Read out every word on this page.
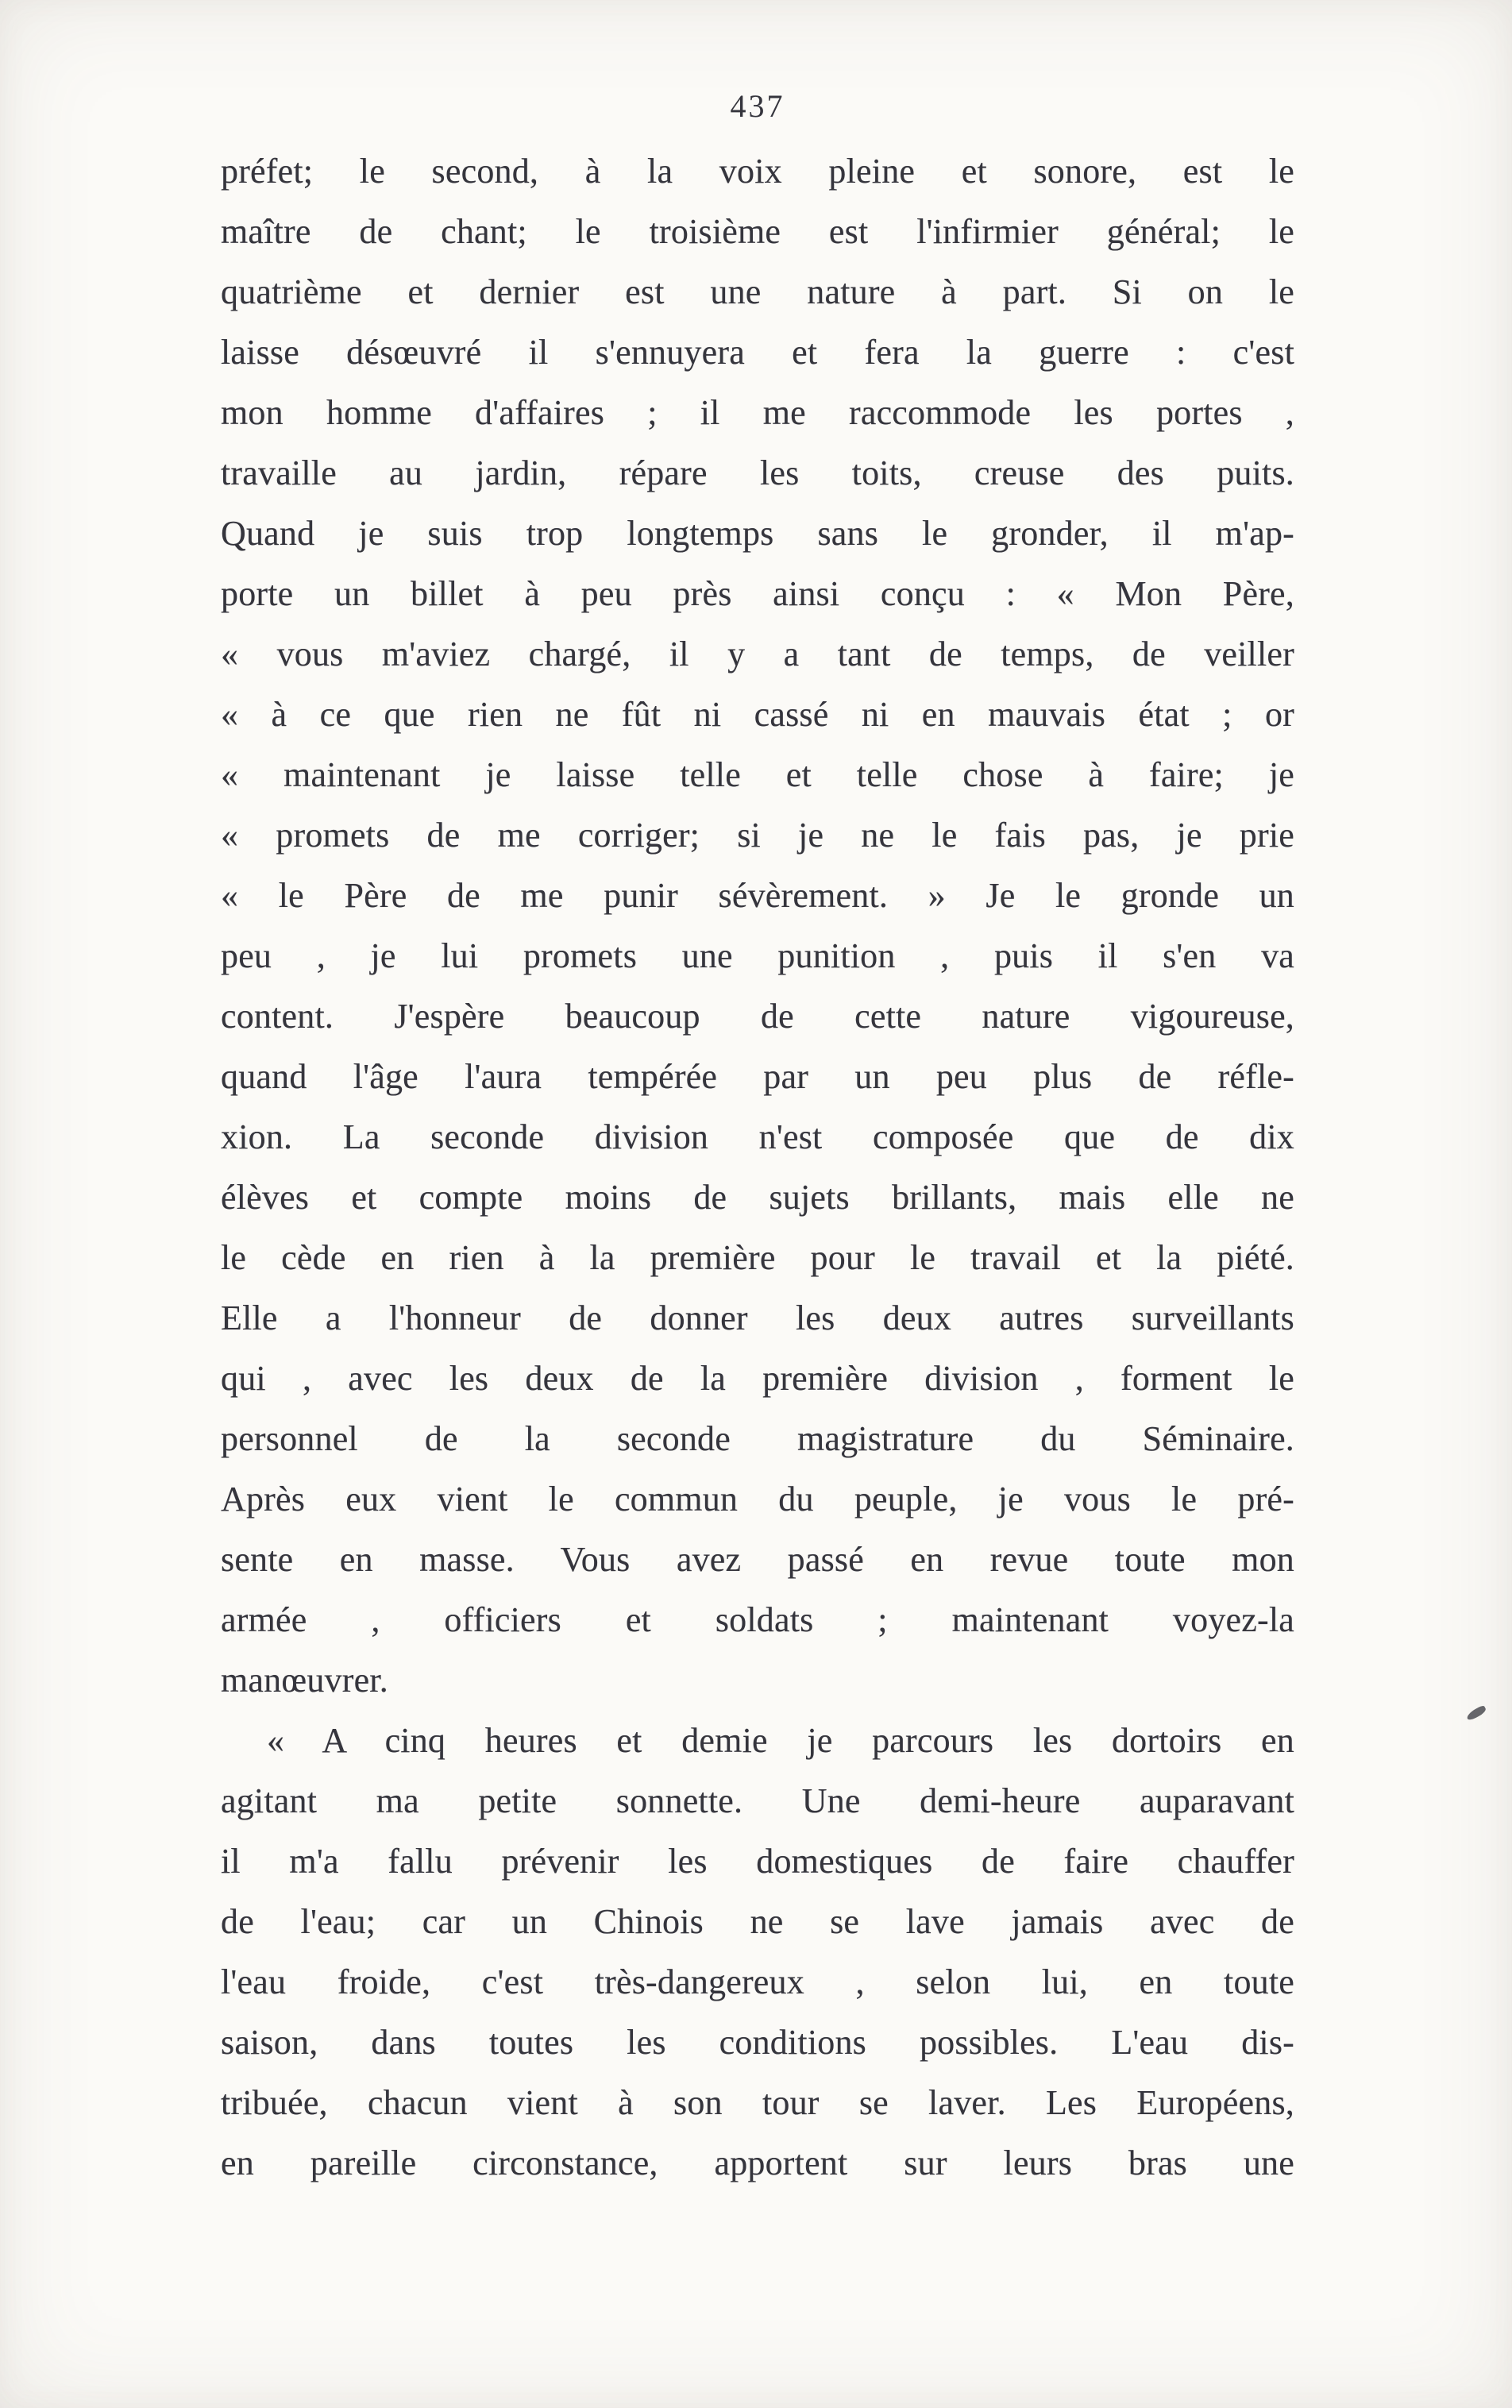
437
préfet; le second, à la voix pleine et sonore, est le
maître de chant; le troisième est l'infirmier général; le
quatrième et dernier est une nature à part. Si on le
laisse désœuvré il s'ennuyera et fera la guerre : c'est
mon homme d'affaires ; il me raccommode les portes ,
travaille au jardin, répare les toits, creuse des puits.
Quand je suis trop longtemps sans le gronder, il m'ap-
porte un billet à peu près ainsi conçu : « Mon Père,
« vous m'aviez chargé, il y a tant de temps, de veiller
« à ce que rien ne fût ni cassé ni en mauvais état ; or
« maintenant je laisse telle et telle chose à faire; je
« promets de me corriger; si je ne le fais pas, je prie
« le Père de me punir sévèrement. » Je le gronde un
peu , je lui promets une punition , puis il s'en va
content. J'espère beaucoup de cette nature vigoureuse,
quand l'âge l'aura tempérée par un peu plus de réfle-
xion. La seconde division n'est composée que de dix
élèves et compte moins de sujets brillants, mais elle ne
le cède en rien à la première pour le travail et la piété.
Elle a l'honneur de donner les deux autres surveillants
qui , avec les deux de la première division , forment le
personnel de la seconde magistrature du Séminaire.
Après eux vient le commun du peuple, je vous le pré-
sente en masse. Vous avez passé en revue toute mon
armée , officiers et soldats ; maintenant voyez-la
manœuvrer.
« A cinq heures et demie je parcours les dortoirs en
agitant ma petite sonnette. Une demi-heure auparavant
il m'a fallu prévenir les domestiques de faire chauffer
de l'eau; car un Chinois ne se lave jamais avec de
l'eau froide, c'est très-dangereux , selon lui, en toute
saison, dans toutes les conditions possibles. L'eau dis-
tribuée, chacun vient à son tour se laver. Les Européens,
en pareille circonstance, apportent sur leurs bras une
